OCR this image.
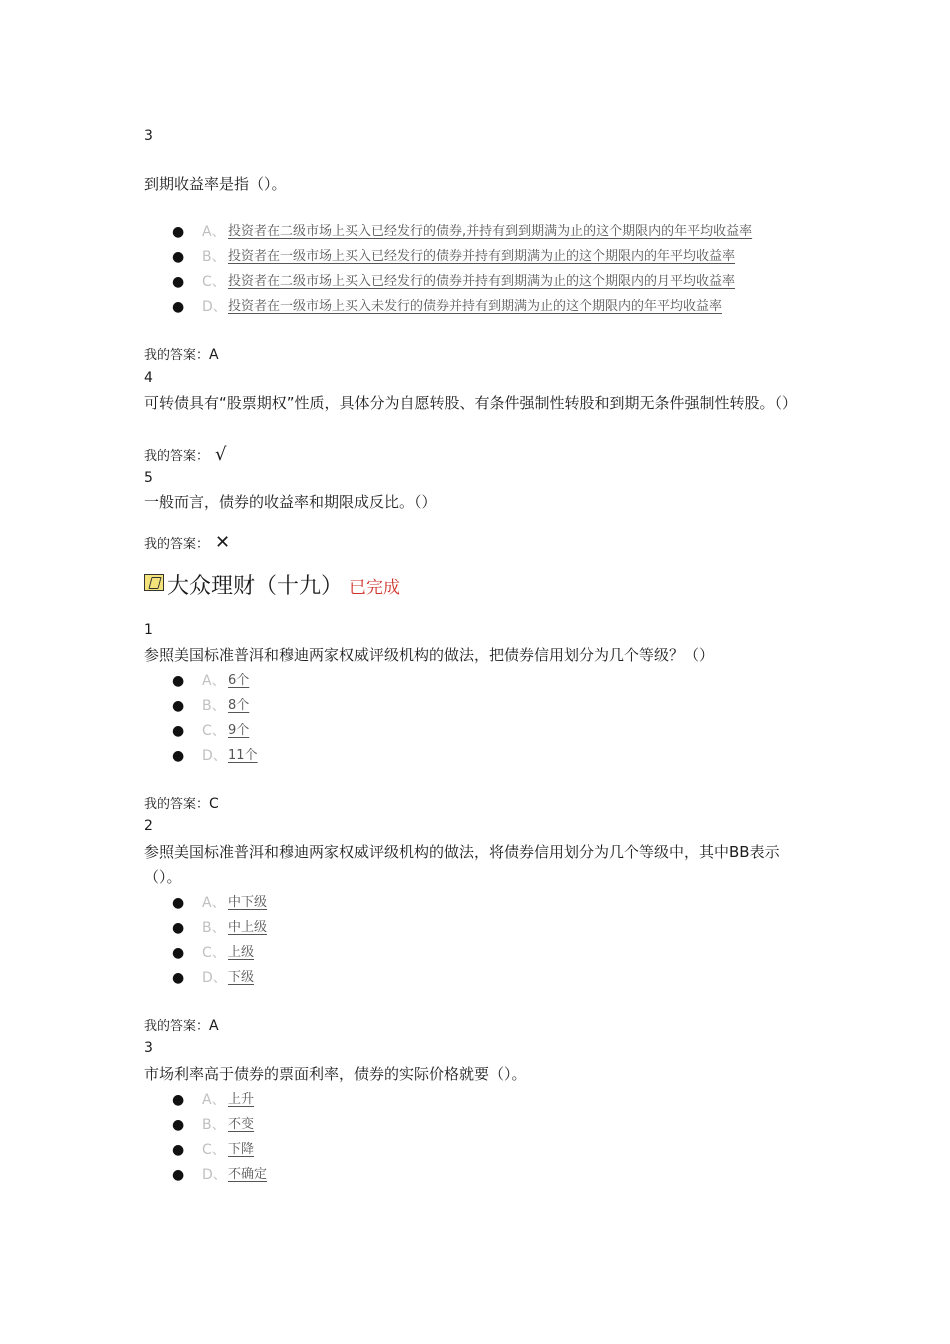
3
到期收益率是指（）。
● A、 投资者在二级市场上买入已经发行的债券,并持有到到期满为止的这个期限内的年平均收益率
● B、 投资者在一级市场上买入已经发行的债券并持有到期满为止的这个期限内的年平均收益率
● C、 投资者在二级市场上买入已经发行的债券并持有到期满为止的这个期限内的月平均收益率
● D、 投资者在一级市场上买入未发行的债券并持有到期满为止的这个期限内的年平均收益率
我的答案：A
4
可转债具有“股票期权”性质，具体分为自愿转股、有条件强制性转股和到期无条件强制性转股。（）
我的答案： √
5
一般而言，债券的收益率和期限成反比。（）
我的答案： ✕
大众理财（十九） 已完成
1
参照美国标准普洱和穆迪两家权威评级机构的做法，把债券信用划分为几个等级？（）
● A、 6个
● B、 8个
● C、 9个
● D、 11个
我的答案：C
2
参照美国标准普洱和穆迪两家权威评级机构的做法，将债券信用划分为几个等级中，其中BB表示（）。
● A、 中下级
● B、 中上级
● C、 上级
● D、 下级
我的答案：A
3
市场利率高于债券的票面利率，债券的实际价格就要（）。
● A、 上升
● B、 不变
● C、 下降
● D、 不确定
